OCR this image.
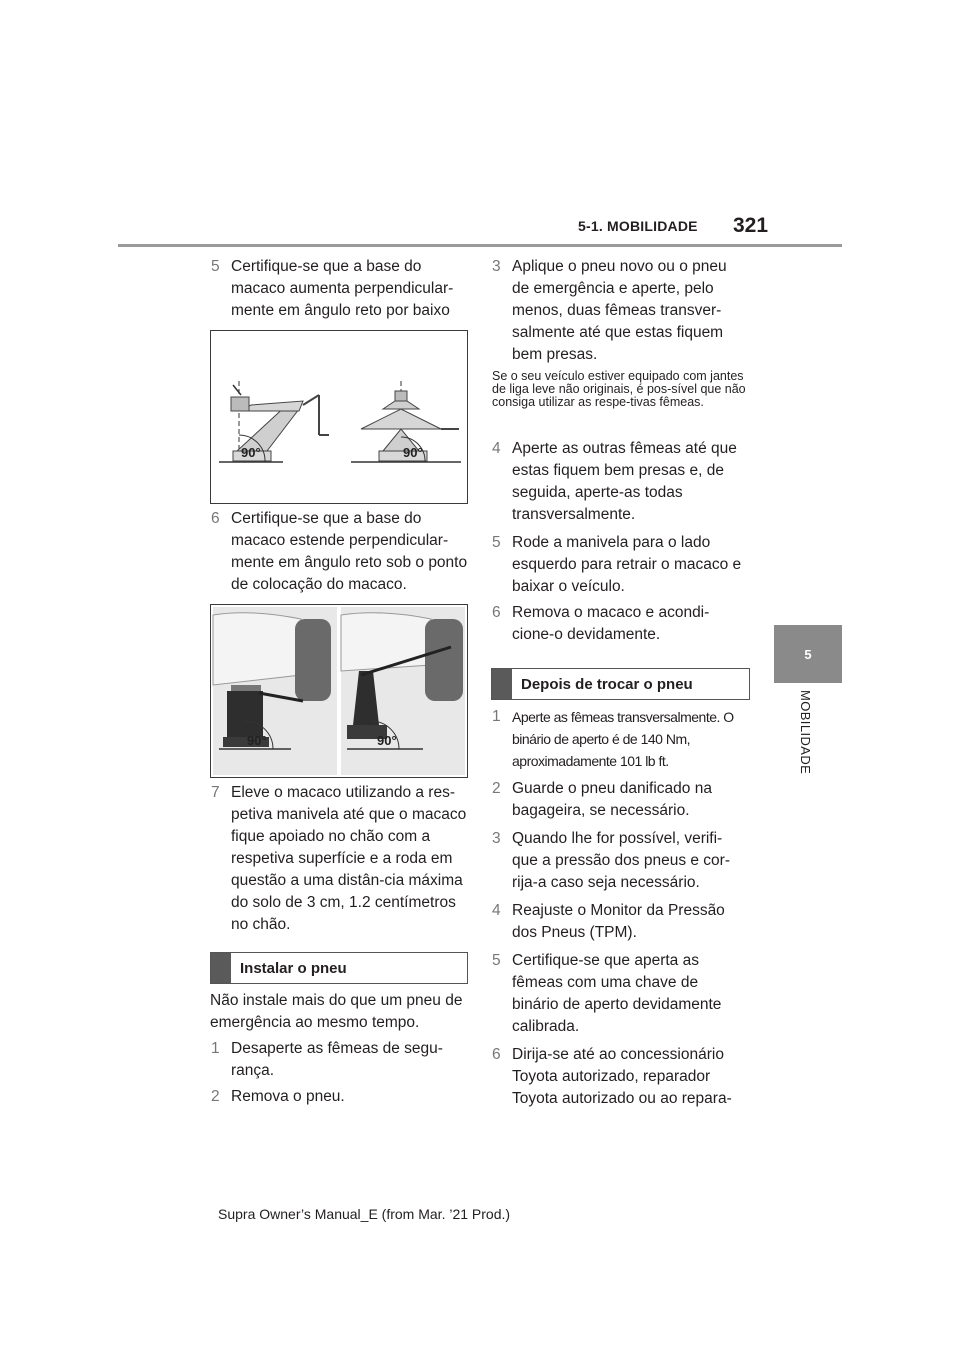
5-1. MOBILIDADE 321
5
MOBILIDADE
5 Certifique-se que a base do macaco aumenta perpendicular-mente em ângulo reto por baixo
90°	90°
6 Certifique-se que a base do macaco estende perpendicular-mente em ângulo reto sob o ponto de colocação do macaco.
90°	90°
7 Eleve o macaco utilizando a res-petiva manivela até que o macaco fique apoiado no chão com a respetiva superfície e a roda em questão a uma distân-cia máxima do solo de 3 cm, 1.2 centímetros no chão.
Instalar o pneu
Não instale mais do que um pneu de emergência ao mesmo tempo.
1 Desaperte as fêmeas de segu-rança.
2 Remova o pneu.
3 Aplique o pneu novo ou o pneu de emergência e aperte, pelo menos, duas fêmeas transver-salmente até que estas fiquem bem presas.
Se o seu veículo estiver equipado com jantes de liga leve não originais, é pos-sível que não consiga utilizar as respe-tivas fêmeas.
4 Aperte as outras fêmeas até que estas fiquem bem presas e, de seguida, aperte-as todas transversalmente.
5 Rode a manivela para o lado esquerdo para retrair o macaco e baixar o veículo.
6 Remova o macaco e acondi-cione-o devidamente.
Depois de trocar o pneu
1 Aperte as fêmeas transversalmente. O binário de aperto é de 140 Nm, aproximadamente 101 lb ft.
2 Guarde o pneu danificado na bagageira, se necessário.
3 Quando lhe for possível, verifi-que a pressão dos pneus e cor-rija-a caso seja necessário.
4 Reajuste o Monitor da Pressão dos Pneus (TPM).
5 Certifique-se que aperta as fêmeas com uma chave de binário de aperto devidamente calibrada.
6 Dirija-se até ao concessionário Toyota autorizado, reparador Toyota autorizado ou ao repara-
Supra Owner’s Manual_E (from Mar. ’21 Prod.)
